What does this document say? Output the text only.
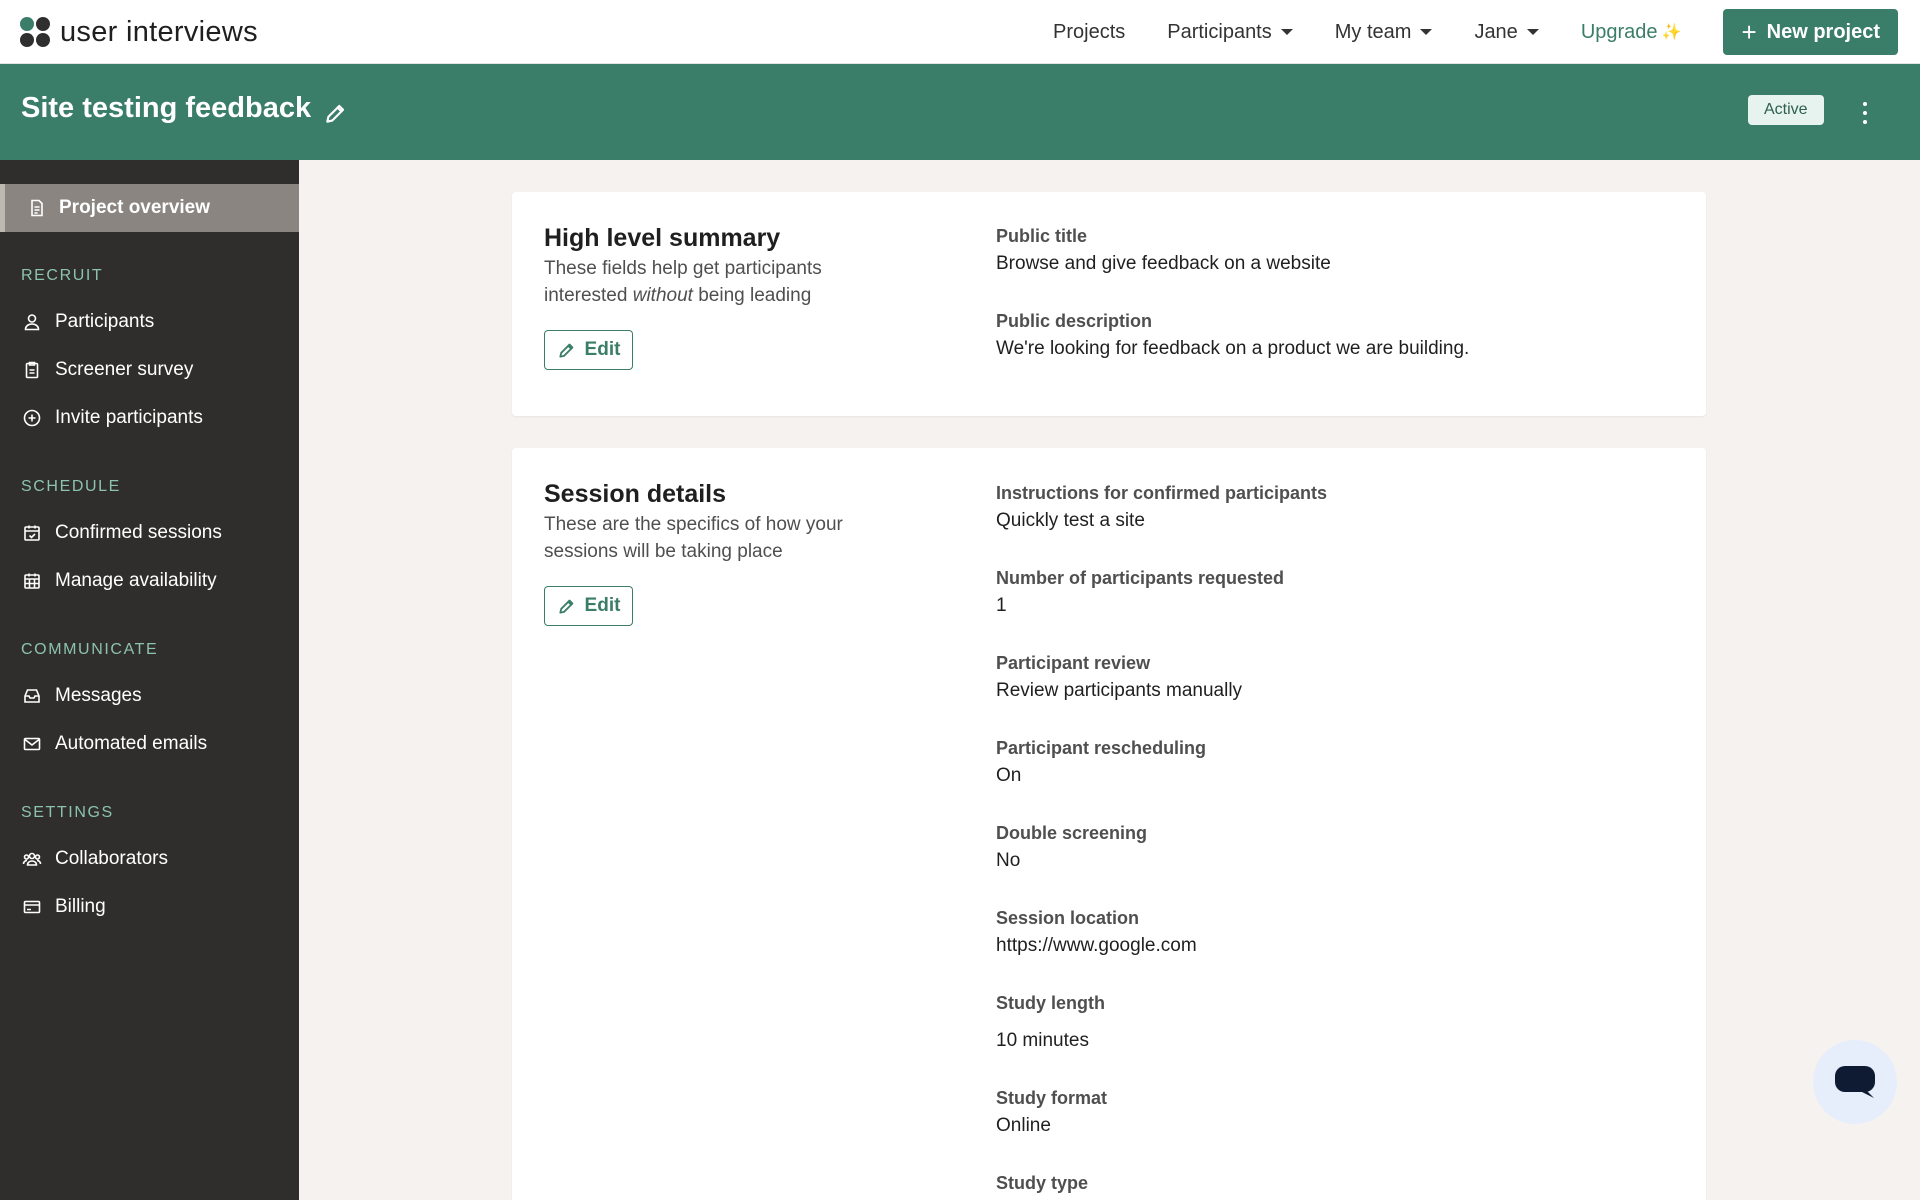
user interviews	Projects Participants	My team	Jane	Upgrade ✨ + New project
Site testing feedback	Active
Project overview
RECRUIT
Participants
Screener survey
Invite participants
SCHEDULE
Confirmed sessions
Manage availability
COMMUNICATE
Messages
Automated emails
SETTINGS
Collaborators
Billing
High level summary
These fields help get participants interested without being leading
Edit
Public title
Browse and give feedback on a website
Public description
We're looking for feedback on a product we are building.
Session details
These are the specifics of how your sessions will be taking place
Edit
Instructions for confirmed participants
Quickly test a site
Number of participants requested
1
Participant review
Review participants manually
Participant rescheduling
On
Double screening
No
Session location
https://www.google.com
Study length
10 minutes
Study format
Online
Study type
